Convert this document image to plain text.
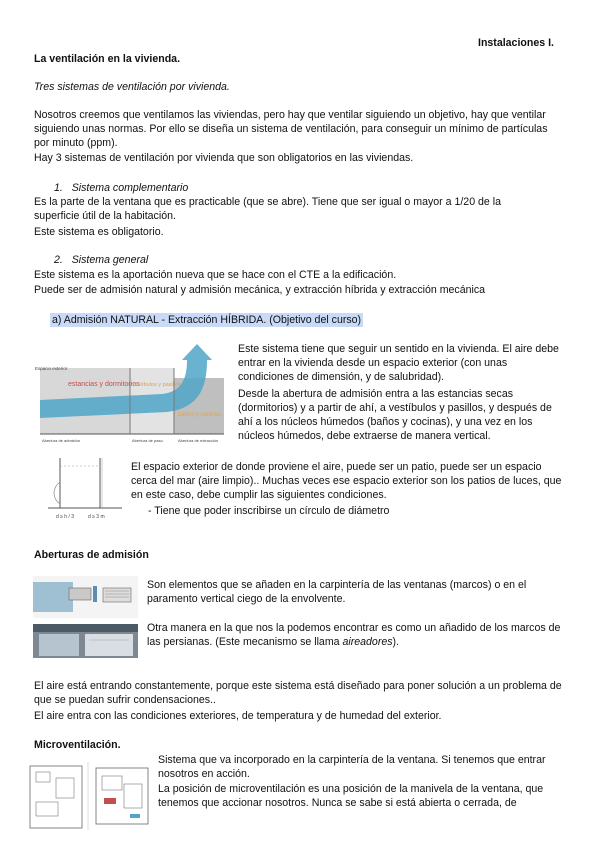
Instalaciones I.
La ventilación en la vivienda.
Tres sistemas de ventilación por vivienda.
Nosotros creemos que ventilamos las viviendas, pero hay que ventilar siguiendo un objetivo, hay que ventilar siguiendo unas normas. Por ello se diseña un sistema de ventilación, para conseguir un mínimo de partículas por minuto (ppm).
Hay 3 sistemas de ventilación por vivienda que son obligatorios en las viviendas.
1. Sistema complementario
Es la parte de la ventana que es practicable (que se abre). Tiene que ser igual o mayor a 1/20 de la superficie útil de la habitación.
Este sistema es obligatorio.
2. Sistema general
Este sistema es la aportación nueva que se hace con el CTE a la edificación.
Puede ser de admisión natural y admisión mecánica, y extracción híbrida y extracción mecánica
a) Admisión NATURAL - Extracción HÍBRIDA. (Objetivo del curso)
Espacio exterior
estancias y dormitorios
vestíbulos y pasillos
baños y cocinas
Abertura de admisión	Abertura de paso	Abertura de extracción
Este sistema tiene que seguir un sentido en la vivienda. El aire debe entrar en la vivienda desde un espacio exterior (con unas condiciones de dimensión, y de salubridad).
Desde la abertura de admisión entra a las estancias secas (dormitorios) y a partir de ahí, a vestíbulos y pasillos, y después de ahí a los núcleos húmedos (baños y cocinas), y una vez en los núcleos húmedos, debe extraerse de manera vertical.
d ≥ h / 3	d ≥ 3 m
El espacio exterior de donde proviene el aire, puede ser un patio, puede ser un espacio cerca del mar (aire limpio).. Muchas veces ese espacio exterior son los patios de luces, que en este caso, debe cumplir las siguientes condiciones.
- Tiene que poder inscribirse un círculo de diámetro
Aberturas de admisión
Son elementos que se añaden en la carpintería de las ventanas (marcos) o en el paramento vertical ciego de la envolvente.
Otra manera en la que nos la podemos encontrar es como un añadido de los marcos de las persianas. (Este mecanismo se llama aireadores).
El aire está entrando constantemente, porque este sistema está diseñado para poner solución a un problema de que se puedan sufrir condensaciones..
El aire entra con las condiciones exteriores, de temperatura y de humedad del exterior.
Microventilación.
Sistema que va incorporado en la carpintería de la ventana. Si tenemos que entrar nosotros en acción.
La posición de microventilación es una posición de la manivela de la ventana, que tenemos que accionar nosotros. Nunca se sabe si está abierta o cerrada, de
